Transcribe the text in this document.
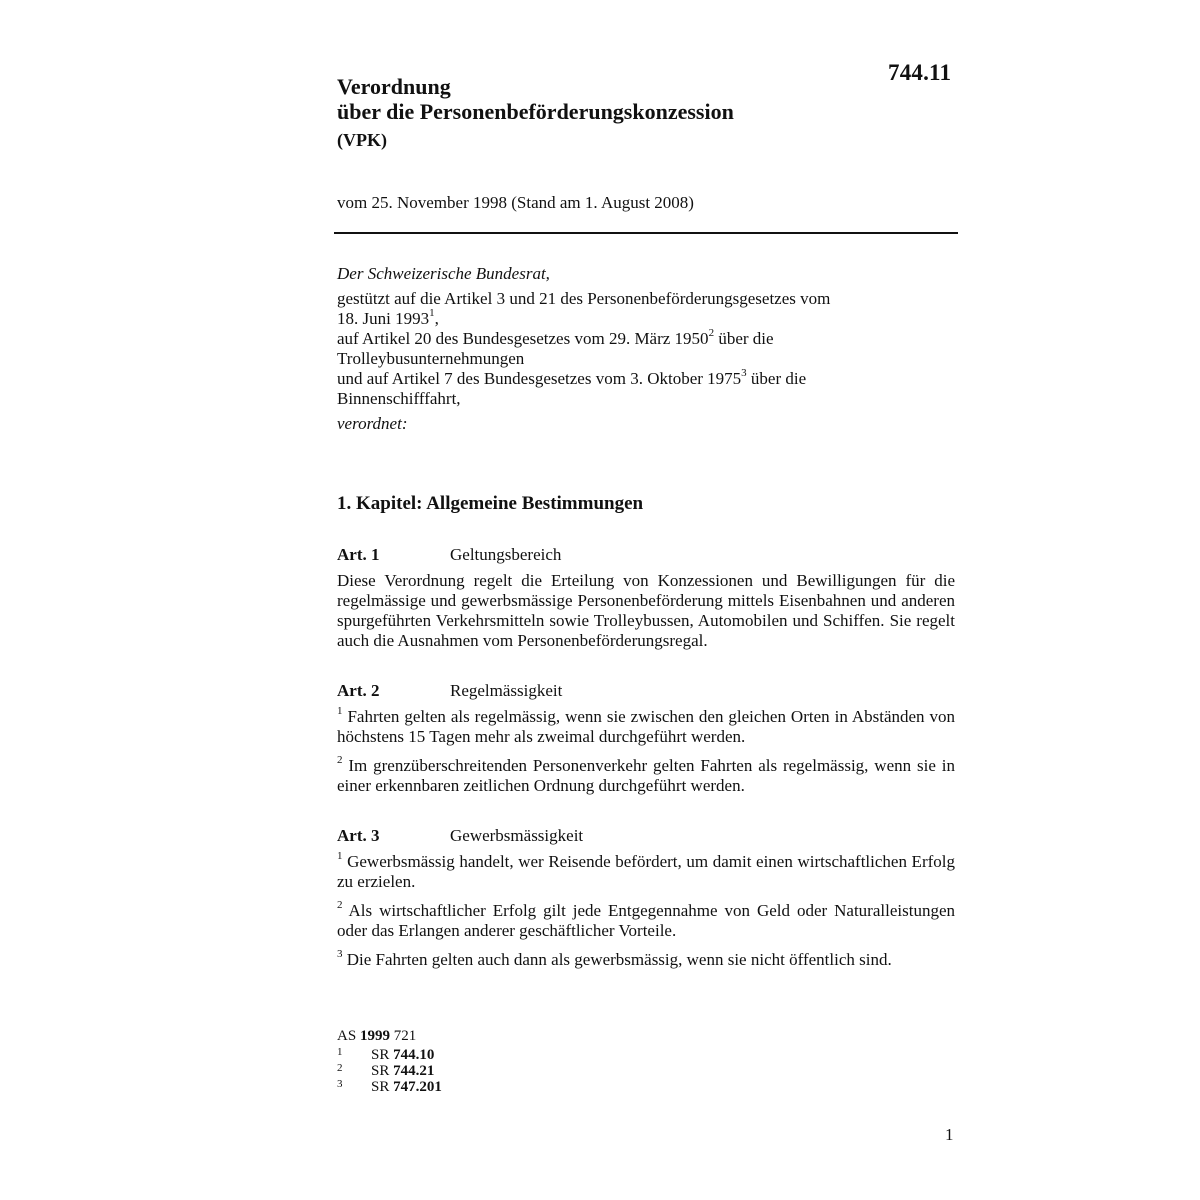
744.11
Verordnung
über die Personenbeförderungskonzession
(VPK)
vom 25. November 1998 (Stand am 1. August 2008)
Der Schweizerische Bundesrat,
gestützt auf die Artikel 3 und 21 des Personenbeförderungsgesetzes vom
18. Juni 1993$^1$,
auf Artikel 20 des Bundesgesetzes vom 29. März 1950$^2$ über die
Trolleybusunternehmungen
und auf Artikel 7 des Bundesgesetzes vom 3. Oktober 1975$^3$ über die
Binnenschifffahrt,
verordnet:
1. Kapitel: Allgemeine Bestimmungen
Art. 1	Geltungsbereich
Diese Verordnung regelt die Erteilung von Konzessionen und Bewilligungen für die regelmässige und gewerbsmässige Personenbeförderung mittels Eisenbahnen und anderen spurgeführten Verkehrsmitteln sowie Trolleybussen, Automobilen und Schiffen. Sie regelt auch die Ausnahmen vom Personenbeförderungsregal.
Art. 2	Regelmässigkeit
$^1$ Fahrten gelten als regelmässig, wenn sie zwischen den gleichen Orten in Abständen von höchstens 15 Tagen mehr als zweimal durchgeführt werden.
$^2$ Im grenzüberschreitenden Personenverkehr gelten Fahrten als regelmässig, wenn sie in einer erkennbaren zeitlichen Ordnung durchgeführt werden.
Art. 3	Gewerbsmässigkeit
$^1$ Gewerbsmässig handelt, wer Reisende befördert, um damit einen wirtschaftlichen Erfolg zu erzielen.
$^2$ Als wirtschaftlicher Erfolg gilt jede Entgegennahme von Geld oder Naturalleistungen oder das Erlangen anderer geschäftlicher Vorteile.
$^3$ Die Fahrten gelten auch dann als gewerbsmässig, wenn sie nicht öffentlich sind.
AS 1999 721
1	SR 744.10
2	SR 744.21
3	SR 747.201
1
